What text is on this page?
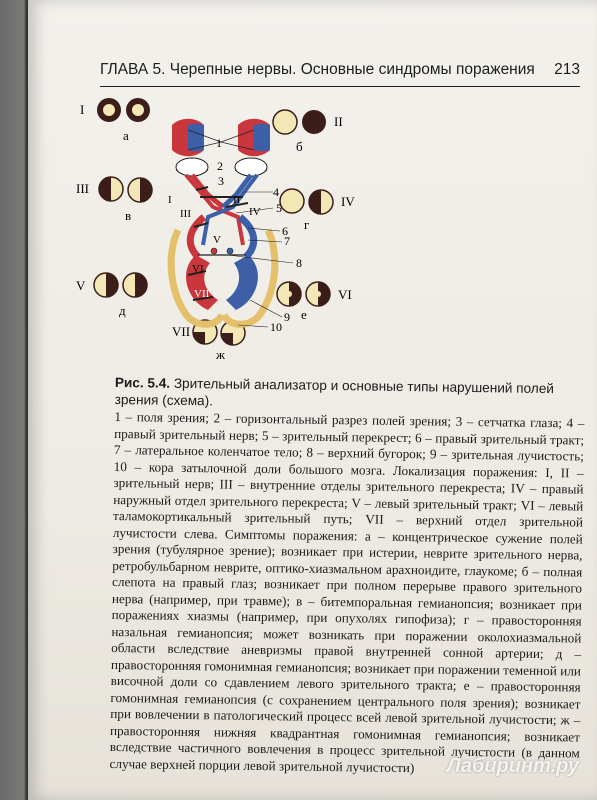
ГЛАВА 5. Черепные нервы. Основные синдромы поражения 213
I
а
II
б
III
в
IV
г
V
д
VI
е
VII
ж
1
2
3
4
5
6
7
8
9
10
I	II
III	IV
V
VI
VII
Рис. 5.4. Зрительный анализатор и основные типы нарушений полей зрения (схема).
1 – поля зрения; 2 – горизонтальный разрез полей зрения; 3 – сетчатка глаза; 4 – правый зрительный нерв; 5 – зрительный перекрест; 6 – правый зрительный тракт; 7 – латеральное коленчатое тело; 8 – верхний бугорок; 9 – зрительная лучистость; 10 – кора затылочной доли большого мозга. Локализация поражения: I, II – зрительный нерв; III – внутренние отделы зрительного перекреста; IV – правый наружный отдел зрительного перекреста; V – левый зрительный тракт; VI – левый таламокортикальный зрительный путь; VII – верхний отдел зрительной лучистости слева. Симптомы поражения: а – концентрическое сужение полей зрения (тубулярное зрение); возникает при истерии, неврите зрительного нерва, ретробульбарном неврите, оптико-хиазмальном арахноидите, глаукоме; б – полная слепота на правый глаз; возникает при полном перерыве правого зрительного нерва (например, при травме); в – битемпоральная гемианопсия; возникает при поражениях хиазмы (например, при опухолях гипофиза); г – правосторонняя назальная гемианопсия; может возникать при поражении околохиазмальной области вследствие аневризмы правой внутренней сонной артерии; д – правосторонняя гомонимная гемианопсия; возникает при поражении теменной или височной доли со сдавлением левого зрительного тракта; е – правосторонняя гомонимная гемианопсия (с сохранением центрального поля зрения); возникает при вовлечении в патологический процесс всей левой зрительной лучистости; ж – правосторонняя нижняя квадрантная гомонимная гемианопсия; возникает вследствие частичного вовлечения в процесс зрительной лучистости (в данном случае верхней порции левой зрительной лучистости)	Лабиринт.ру
